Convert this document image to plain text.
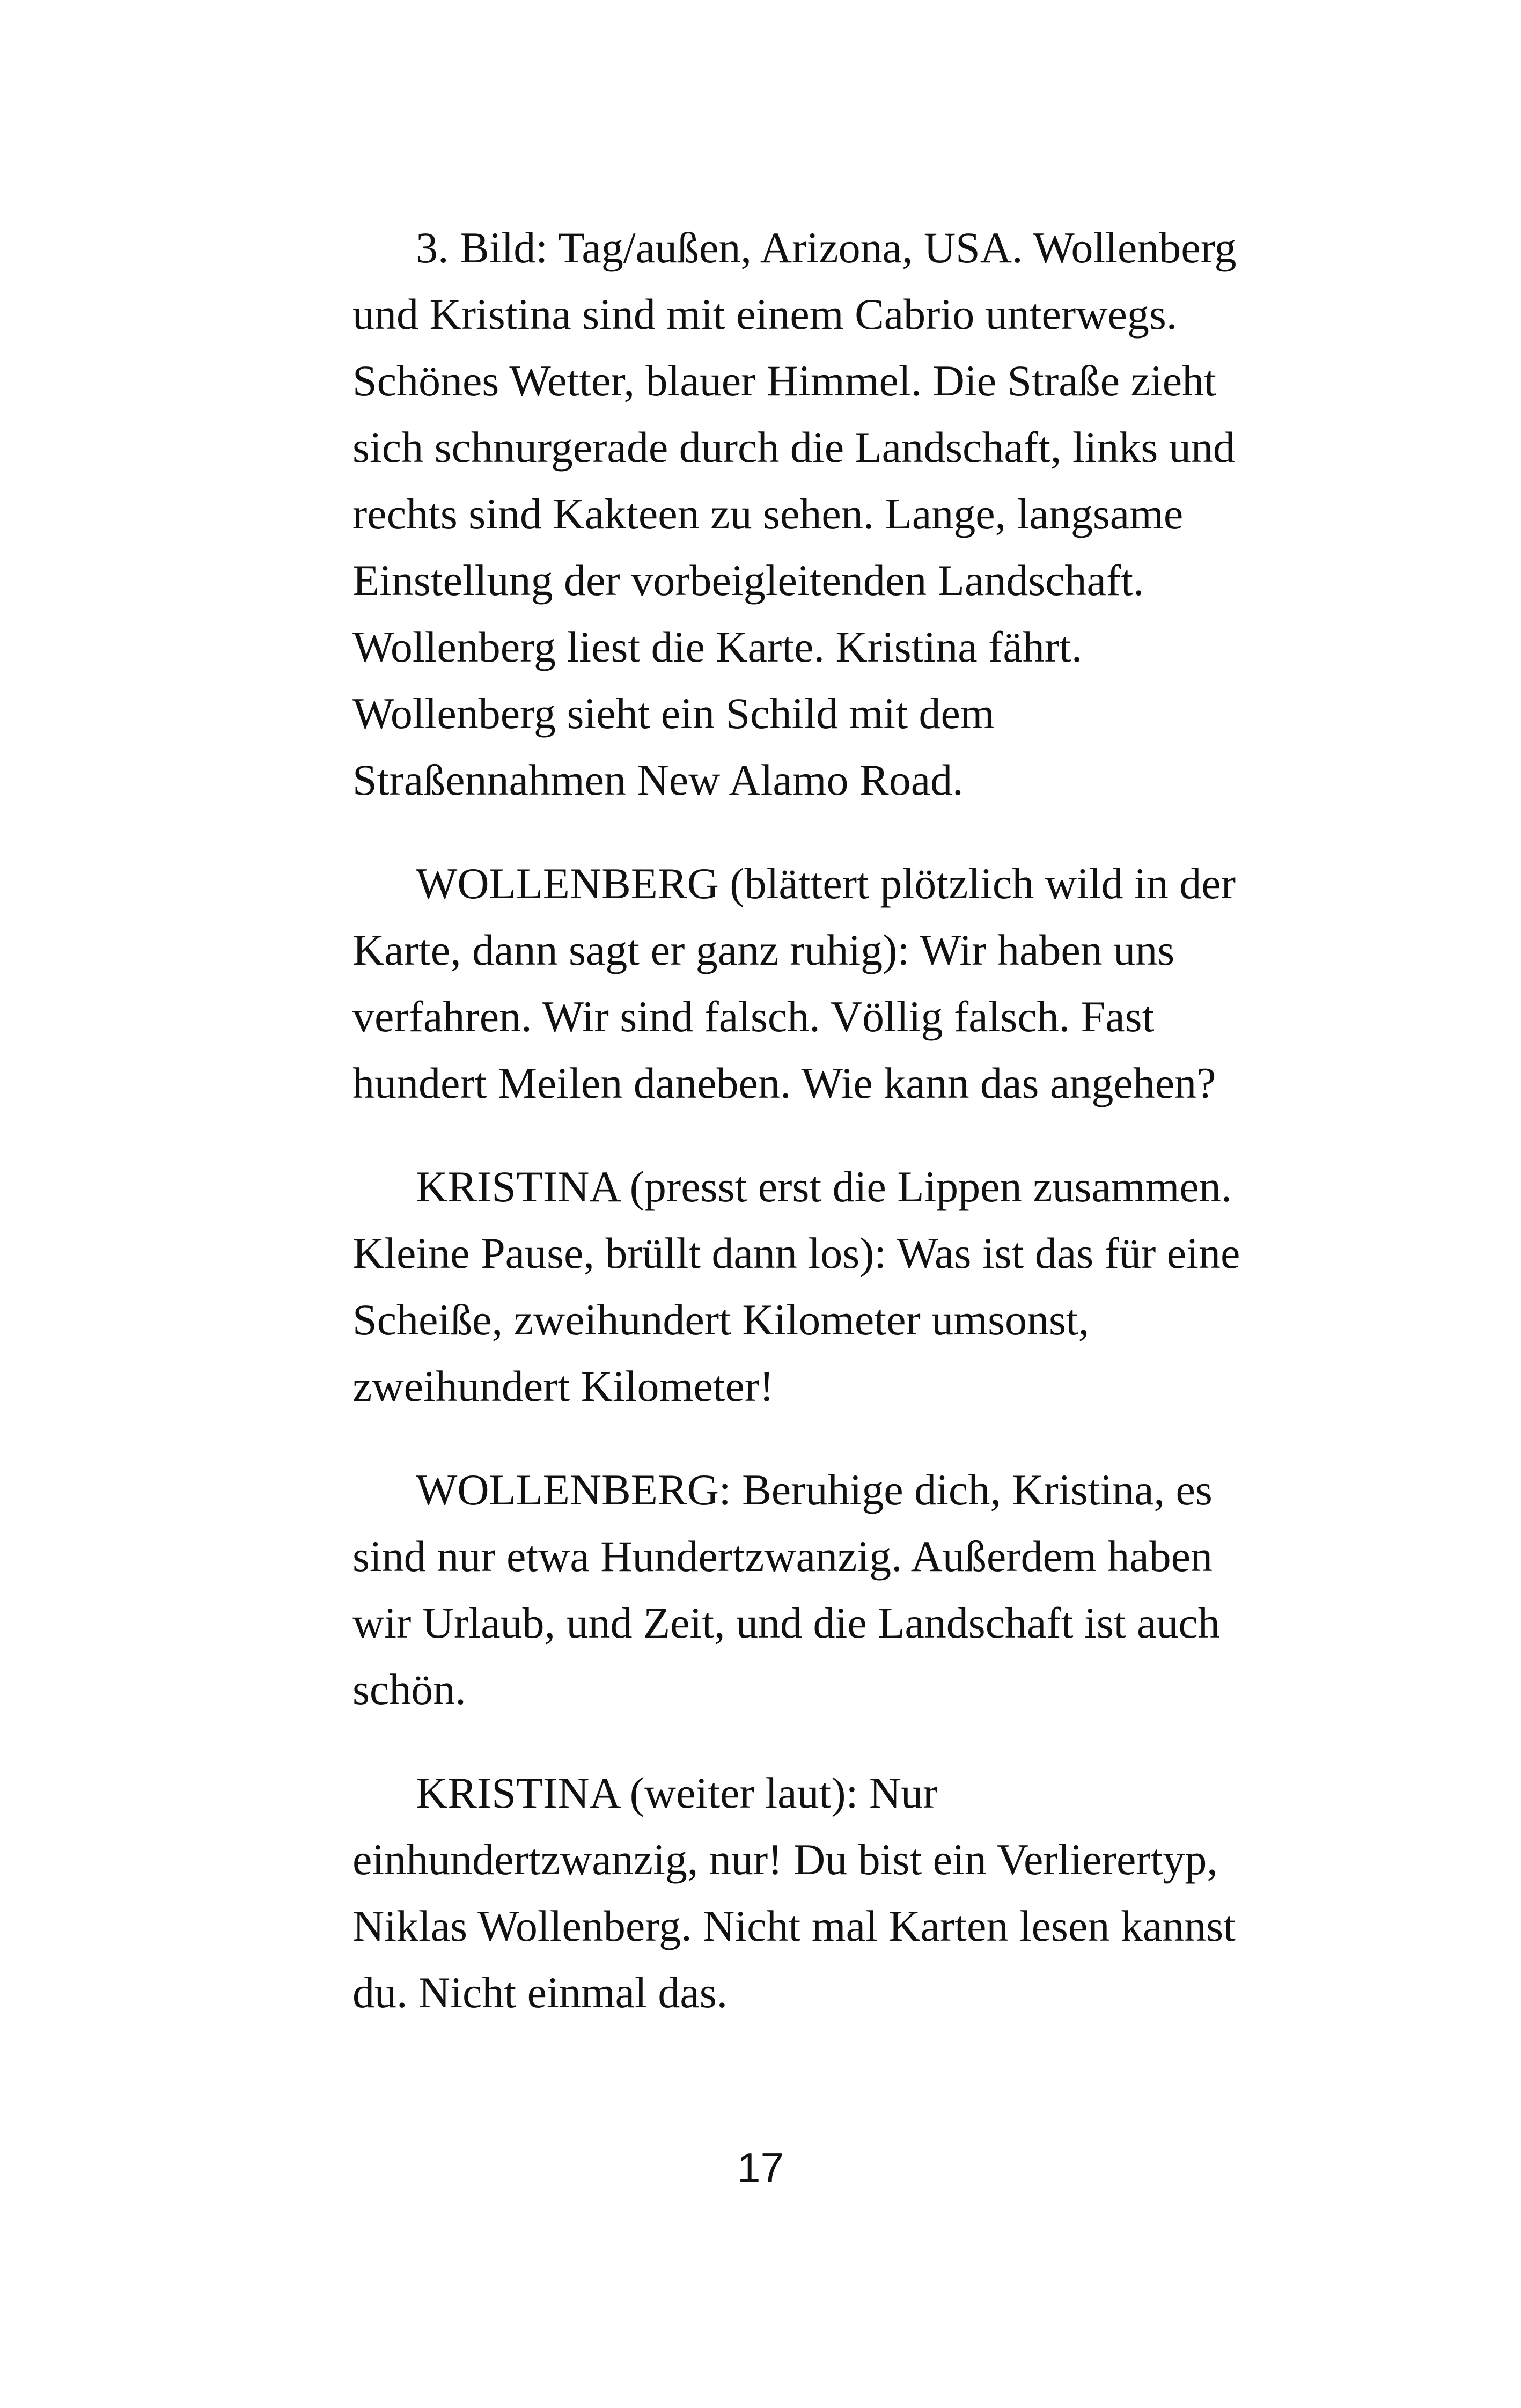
3. Bild: Tag/außen, Arizona, USA. Wollenberg
und Kristina sind mit einem Cabrio unterwegs.
Schönes Wetter, blauer Himmel. Die Straße zieht
sich schnurgerade durch die Landschaft, links und
rechts sind Kakteen zu sehen. Lange, langsame
Einstellung der vorbeigleitenden Landschaft.
Wollenberg liest die Karte. Kristina fährt.
Wollenberg sieht ein Schild mit dem
Straßennahmen New Alamo Road.

WOLLENBERG (blättert plötzlich wild in der
Karte, dann sagt er ganz ruhig): Wir haben uns
verfahren. Wir sind falsch. Völlig falsch. Fast
hundert Meilen daneben. Wie kann das angehen?

KRISTINA (presst erst die Lippen zusammen.
Kleine Pause, brüllt dann los): Was ist das für eine
Scheiße, zweihundert Kilometer umsonst,
zweihundert Kilometer!

WOLLENBERG: Beruhige dich, Kristina, es
sind nur etwa Hundertzwanzig. Außerdem haben
wir Urlaub, und Zeit, und die Landschaft ist auch
schön.

KRISTINA (weiter laut): Nur
einhundertzwanzig, nur! Du bist ein Verlierertyp,
Niklas Wollenberg. Nicht mal Karten lesen kannst
du. Nicht einmal das.

17
